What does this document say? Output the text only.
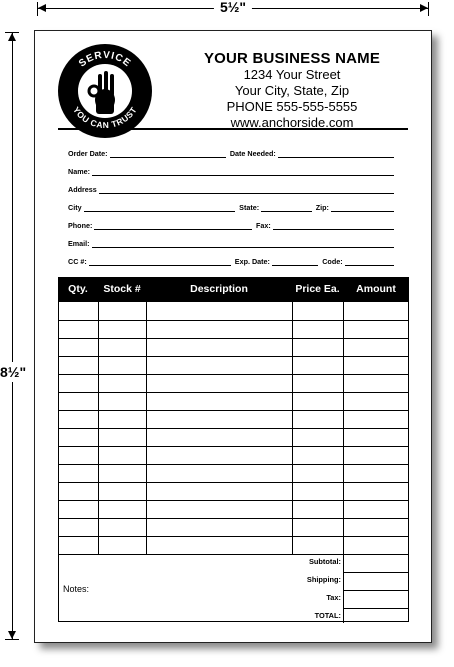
5½"
8½"
SERVICE
YOU CAN TRUST
YOUR BUSINESS NAME
1234 Your Street
Your City, State, Zip
PHONE 555-555-5555
www.anchorside.com
Order Date:	Date Needed:
Name:
Address
City	State:	Zip:
Phone:	Fax:
Email:
CC #:	Exp. Date:	Code:
Qty.	Stock #	Description	Price Ea.	Amount
Notes:
Subtotal:
Shipping:
Tax:
TOTAL:
